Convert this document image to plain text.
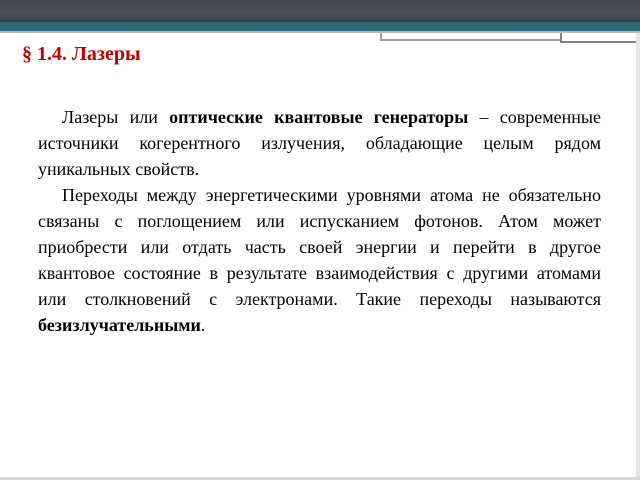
§ 1.4. Лазеры

Лазеры или оптические квантовые генераторы – современные источники когерентного излучения, обладающие целым рядом уникальных свойств.

Переходы между энергетическими уровнями атома не обязательно связаны с поглощением или испусканием фотонов. Атом может приобрести или отдать часть своей энергии и перейти в другое квантовое состояние в результате взаимодействия с другими атомами или столкновений с электронами. Такие переходы называются безизлучательными.
